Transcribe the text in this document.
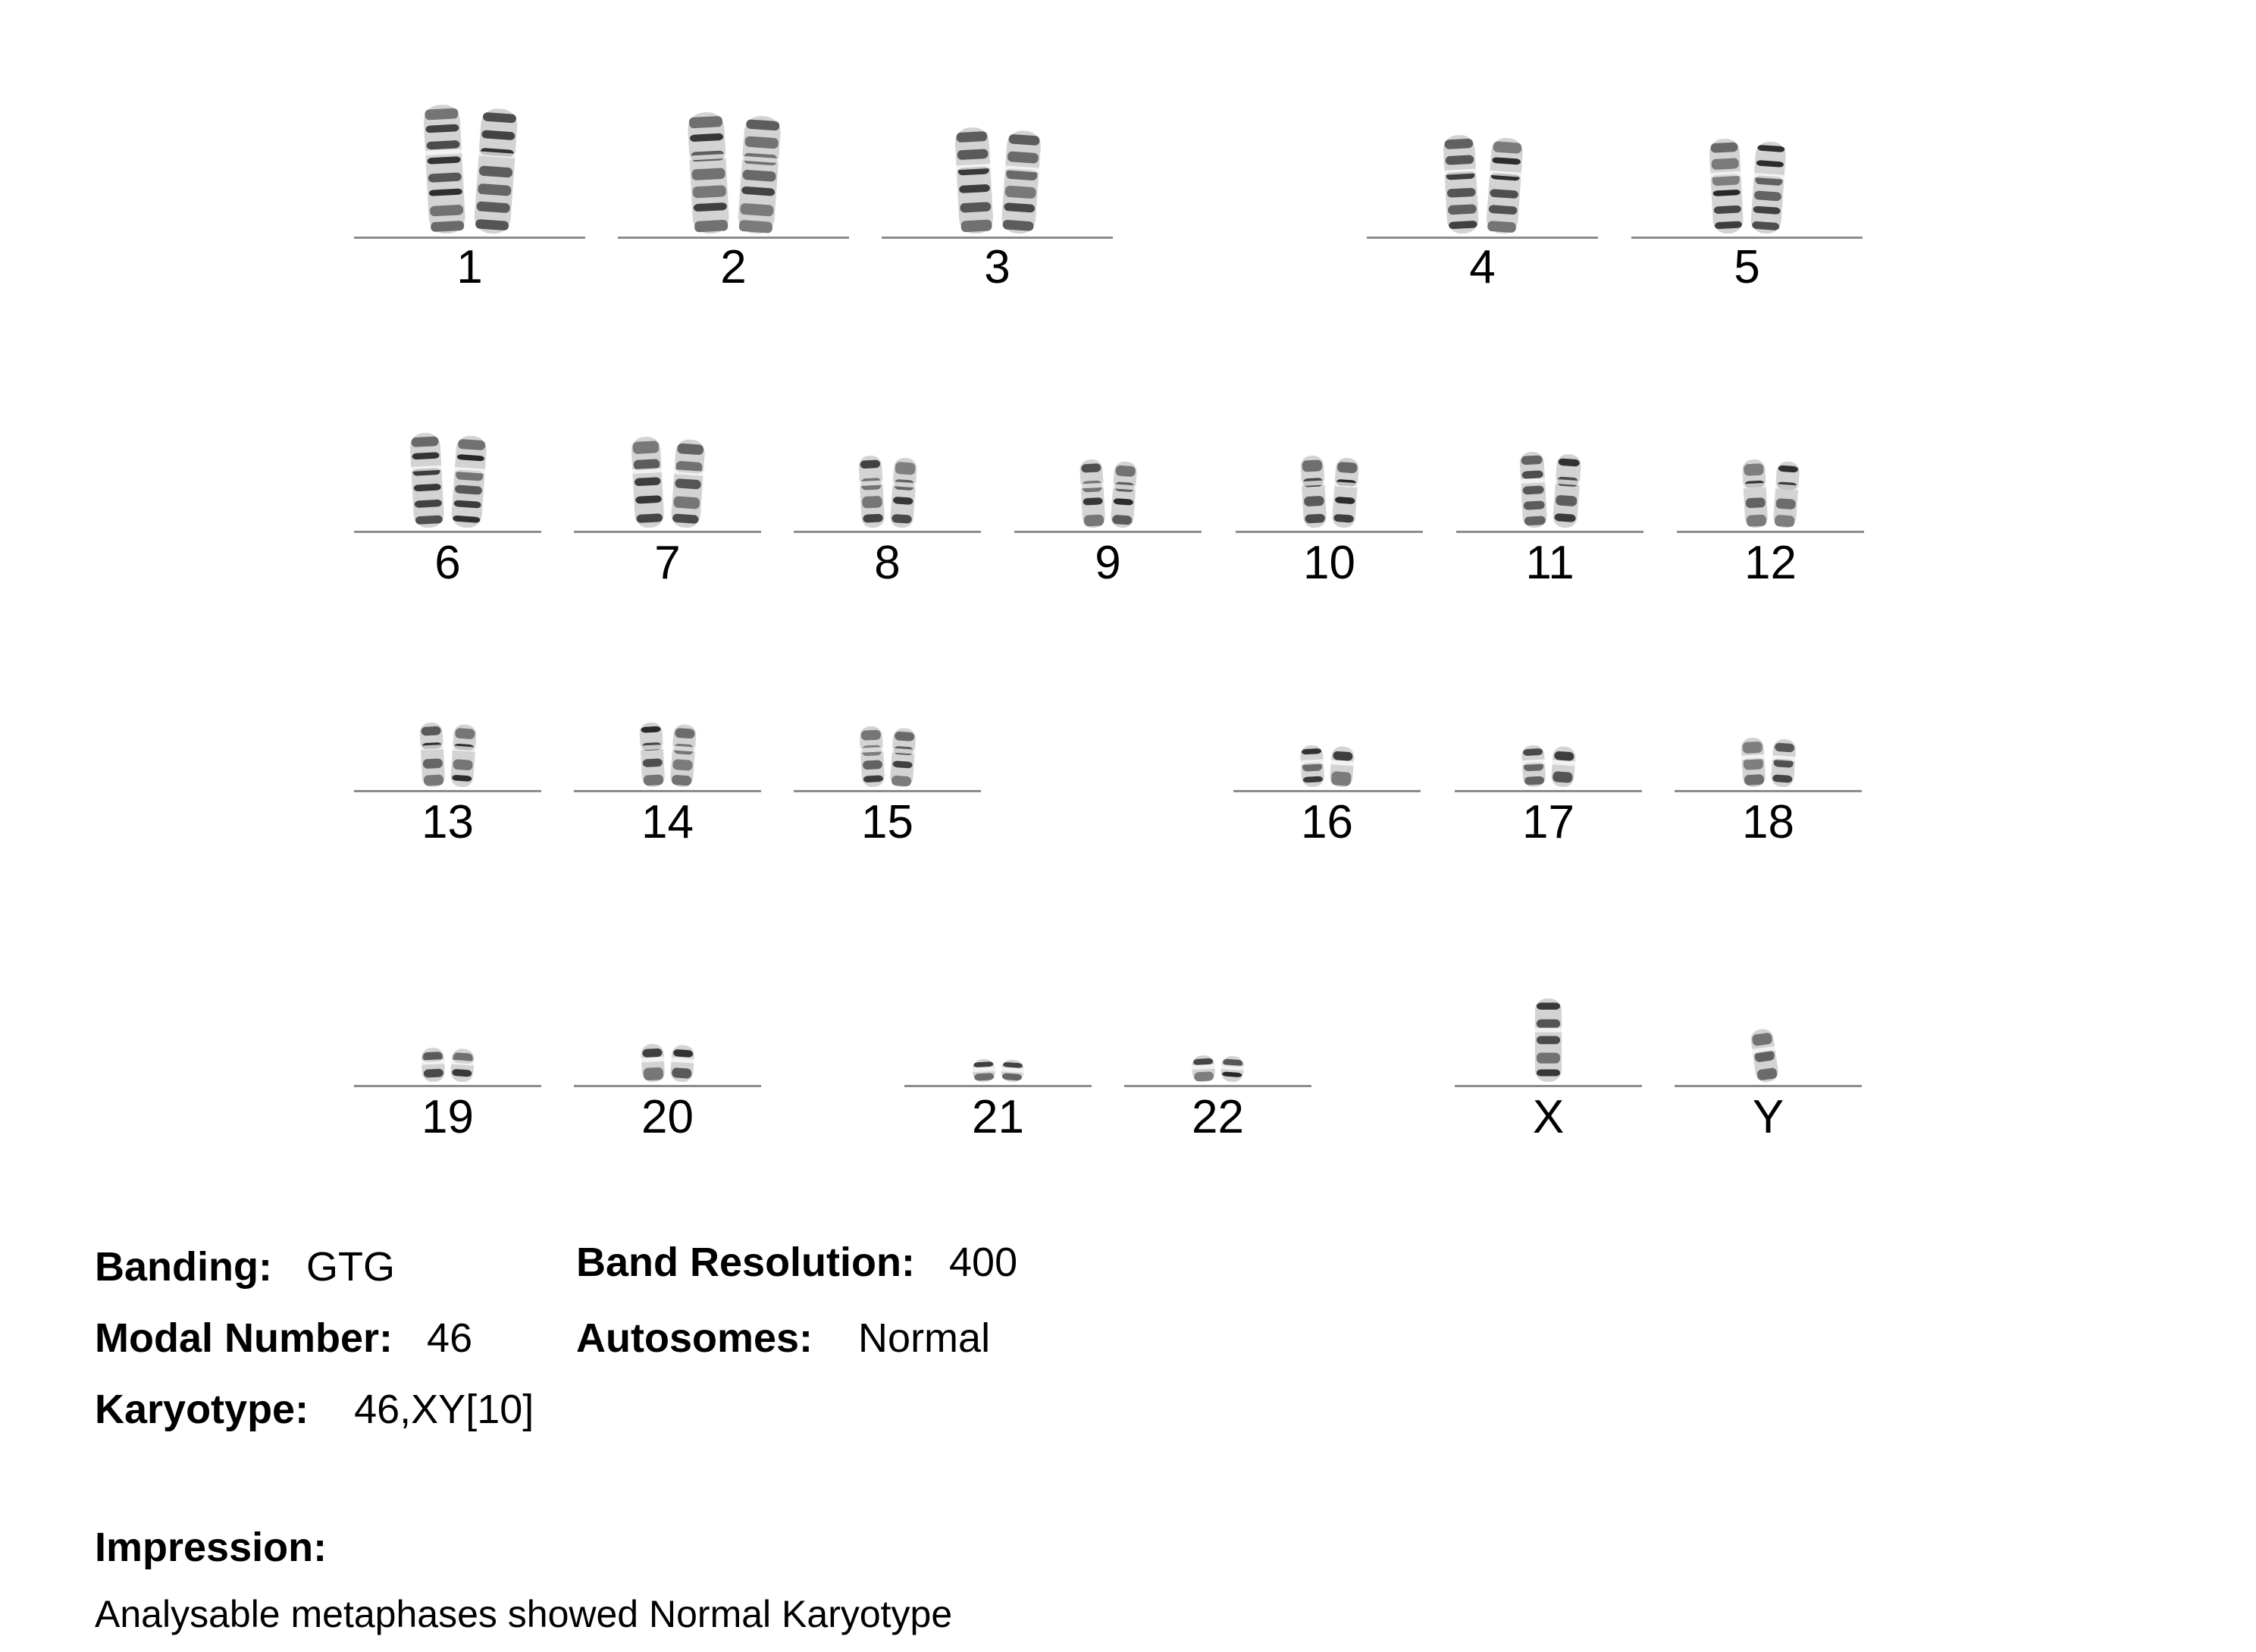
1	2	3	4	5
6	7	8	9	10	11	12
13	14	15	16	17	18
19	20	21	22	X	Y
Banding: GTG	Band Resolution: 400
Modal Number: 46	Autosomes: Normal
Karyotype: 46,XY[10]
Impression:
Analysable metaphases showed Normal Karyotype
